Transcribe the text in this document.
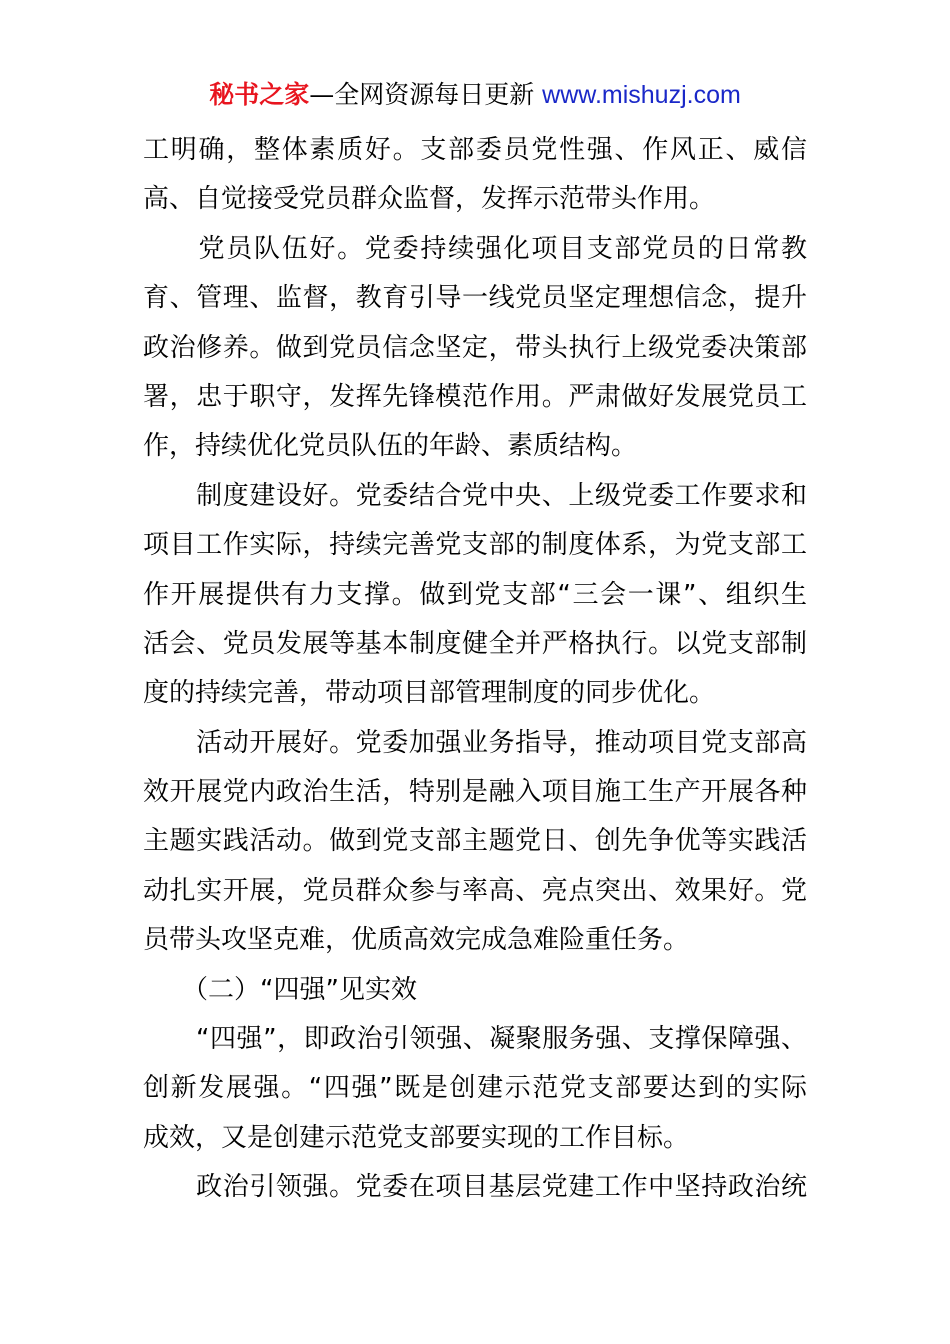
秘书之家—全网资源每日更新 www.mishuzj.com
工明确，整体素质好。支部委员党性强、作风正、威信
高、自觉接受党员群众监督，发挥示范带头作用。
　　党员队伍好。党委持续强化项目支部党员的日常教
育、管理、监督，教育引导一线党员坚定理想信念，提升
政治修养。做到党员信念坚定，带头执行上级党委决策部
署，忠于职守，发挥先锋模范作用。严肃做好发展党员工
作，持续优化党员队伍的年龄、素质结构。
　　制度建设好。党委结合党中央、上级党委工作要求和
项目工作实际，持续完善党支部的制度体系，为党支部工
作开展提供有力支撑。做到党支部“三会一课”、组织生
活会、党员发展等基本制度健全并严格执行。以党支部制
度的持续完善，带动项目部管理制度的同步优化。
　　活动开展好。党委加强业务指导，推动项目党支部高
效开展党内政治生活，特别是融入项目施工生产开展各种
主题实践活动。做到党支部主题党日、创先争优等实践活
动扎实开展，党员群众参与率高、亮点突出、效果好。党
员带头攻坚克难，优质高效完成急难险重任务。
　　（二）“四强”见实效
　　“四强”，即政治引领强、凝聚服务强、支撑保障强、
创新发展强。“四强”既是创建示范党支部要达到的实际
成效，又是创建示范党支部要实现的工作目标。
　　政治引领强。党委在项目基层党建工作中坚持政治统
